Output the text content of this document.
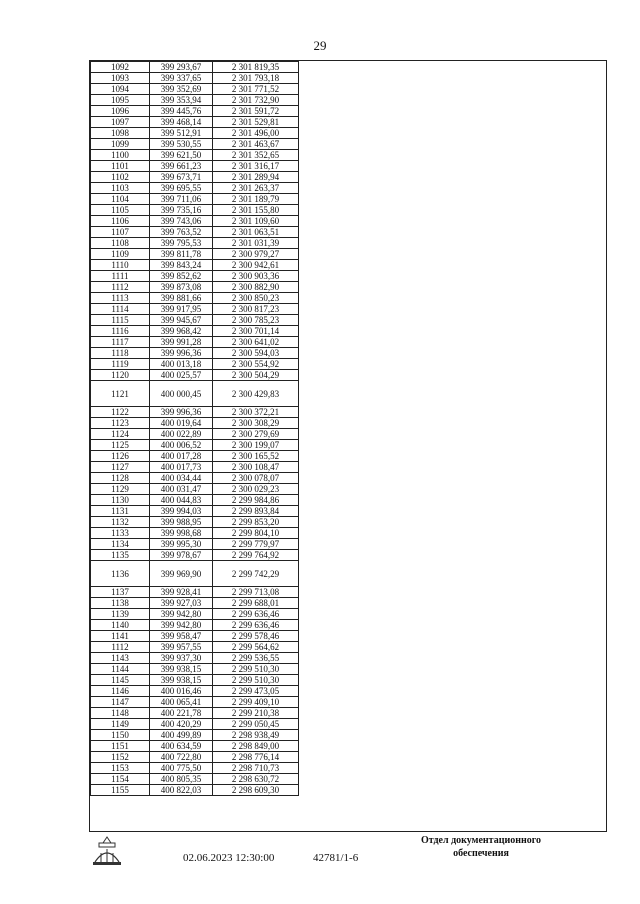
29
1092	399 293,67	2 301 819,35
1093	399 337,65	2 301 793,18
1094	399 352,69	2 301 771,52
1095	399 353,94	2 301 732,90
1096	399 445,76	2 301 591,72
1097	399 468,14	2 301 529,81
1098	399 512,91	2 301 496,00
1099	399 530,55	2 301 463,67
1100	399 621,50	2 301 352,65
1101	399 661,23	2 301 316,17
1102	399 673,71	2 301 289,94
1103	399 695,55	2 301 263,37
1104	399 711,06	2 301 189,79
1105	399 735,16	2 301 155,80
1106	399 743,06	2 301 109,60
1107	399 763,52	2 301 063,51
1108	399 795,53	2 301 031,39
1109	399 811,78	2 300 979,27
1110	399 843,24	2 300 942,61
1111	399 852,62	2 300 903,36
1112	399 873,08	2 300 882,90
1113	399 881,66	2 300 850,23
1114	399 917,95	2 300 817,23
1115	399 945,67	2 300 785,23
1116	399 968,42	2 300 701,14
1117	399 991,28	2 300 641,02
1118	399 996,36	2 300 594,03
1119	400 013,18	2 300 554,92
1120	400 025,57	2 300 504,29
1121	400 000,45	2 300 429,83
1122	399 996,36	2 300 372,21
1123	400 019,64	2 300 308,29
1124	400 022,89	2 300 279,69
1125	400 006,52	2 300 199,07
1126	400 017,28	2 300 165,52
1127	400 017,73	2 300 108,47
1128	400 034,44	2 300 078,07
1129	400 031,47	2 300 029,23
1130	400 044,83	2 299 984,86
1131	399 994,03	2 299 893,84
1132	399 988,95	2 299 853,20
1133	399 998,68	2 299 804,10
1134	399 995,30	2 299 779,97
1135	399 978,67	2 299 764,92
1136	399 969,90	2 299 742,29
1137	399 928,41	2 299 713,08
1138	399 927,03	2 299 688,01
1139	399 942,80	2 299 636,46
1140	399 942,80	2 299 636,46
1141	399 958,47	2 299 578,46
1112	399 957,55	2 299 564,62
1143	399 937,30	2 299 536,55
1144	399 938,15	2 299 510,30
1145	399 938,15	2 299 510,30
1146	400 016,46	2 299 473,05
1147	400 065,41	2 299 409,10
1148	400 221,78	2 299 210,38
1149	400 420,29	2 299 050,45
1150	400 499,89	2 298 938,49
1151	400 634,59	2 298 849,00
1152	400 722,80	2 298 776,14
1153	400 775,50	2 298 710,73
1154	400 805,35	2 298 630,72
1155	400 822,03	2 298 609,30
02.06.2023 12:30:00	42781/1-6
Отдел документационного
обеспечения
